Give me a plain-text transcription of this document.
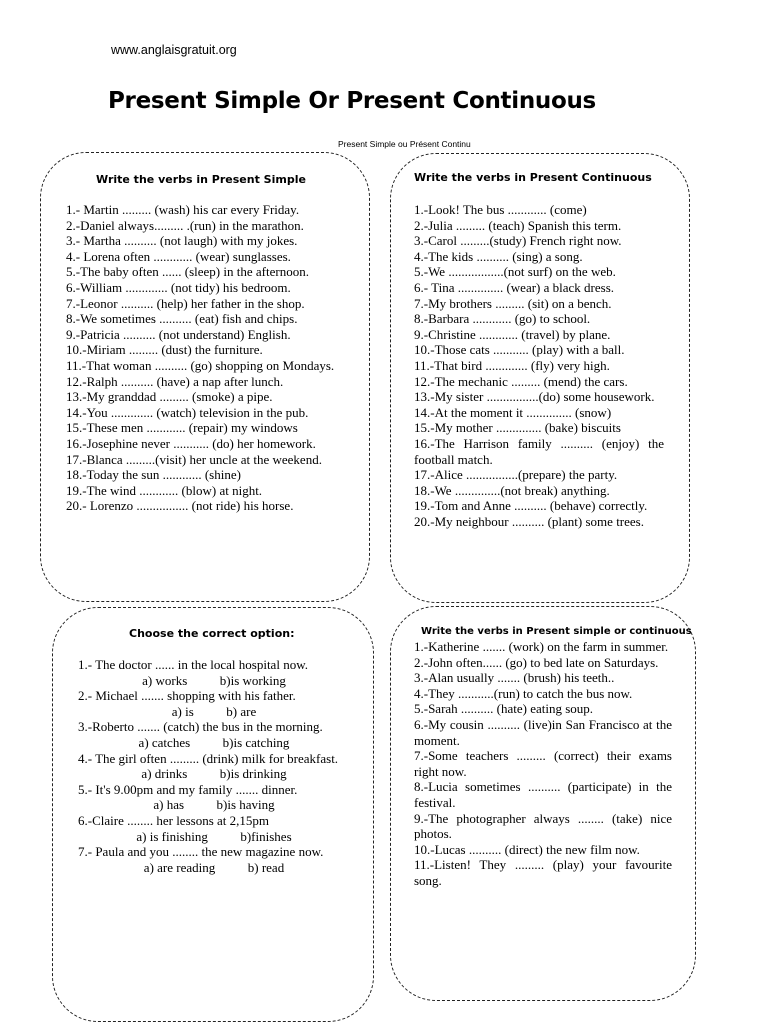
www.anglaisgratuit.org
Present Simple Or Present Continuous
Present Simple ou Présent Continu
Write the verbs in Present Simple
1.- Martin ......... (wash) his car every Friday.
2.-Daniel always......... .(run) in the marathon.
3.- Martha .......... (not laugh) with my jokes.
4.- Lorena often ............ (wear) sunglasses.
5.-The baby often ...... (sleep) in the afternoon.
6.-William ............. (not tidy) his bedroom.
7.-Leonor .......... (help) her father in the shop.
8.-We sometimes .......... (eat) fish and chips.
9.-Patricia .......... (not understand) English.
10.-Miriam ......... (dust) the furniture.
11.-That woman .......... (go) shopping on Mondays.
12.-Ralph .......... (have) a nap after lunch.
13.-My granddad ......... (smoke) a pipe.
14.-You ............. (watch) television in the pub.
15.-These men ............ (repair) my windows
16.-Josephine never ........... (do) her homework.
17.-Blanca .........(visit) her uncle at the weekend.
18.-Today the sun ............ (shine)
19.-The wind ............ (blow) at night.
20.- Lorenzo ................ (not ride) his horse.
Write the verbs in Present Continuous
1.-Look! The bus ............ (come)
2.-Julia ......... (teach) Spanish this term.
3.-Carol .........(study) French right now.
4.-The kids .......... (sing) a song.
5.-We .................(not surf) on the web.
6.- Tina .............. (wear) a black dress.
7.-My brothers ......... (sit) on a bench.
8.-Barbara ............ (go) to school.
9.-Christine ............ (travel) by plane.
10.-Those cats ........... (play) with a ball.
11.-That bird ............. (fly) very high.
12.-The mechanic ......... (mend) the cars.
13.-My sister ................(do) some housework.
14.-At the moment it .............. (snow)
15.-My mother .............. (bake) biscuits
16.-The Harrison family .......... (enjoy) the football match.
17.-Alice ................(prepare) the party.
18.-We ..............(not break) anything.
19.-Tom and Anne .......... (behave) correctly.
20.-My neighbour .......... (plant) some trees.
Choose the correct option:
1.- The doctor ...... in the local hospital now.
a) works          b)is working
2.- Michael ....... shopping with his father.
a) is          b) are
3.-Roberto ....... (catch) the bus in the morning.
a) catches          b)is catching
4.- The girl often ......... (drink) milk for breakfast.
a) drinks          b)is drinking
5.- It's 9.00pm and my family ....... dinner.
a) has          b)is having
6.-Claire ........ her lessons at 2,15pm
a) is finishing          b)finishes
7.- Paula and you ........ the new magazine now.
a) are reading          b) read
Write the verbs in Present simple or continuous
1.-Katherine ....... (work) on the farm in summer.
2.-John often...... (go) to bed late on Saturdays.
3.-Alan usually ....... (brush) his teeth..
4.-They ...........(run) to catch the bus now.
5.-Sarah .......... (hate) eating soup.
6.-My cousin .......... (live)in San Francisco at the moment.
7.-Some teachers ......... (correct) their exams right now.
8.-Lucia sometimes .......... (participate) in the festival.
9.-The photographer always ........ (take) nice photos.
10.-Lucas .......... (direct) the new film now.
11.-Listen! They ......... (play) your favourite song.
